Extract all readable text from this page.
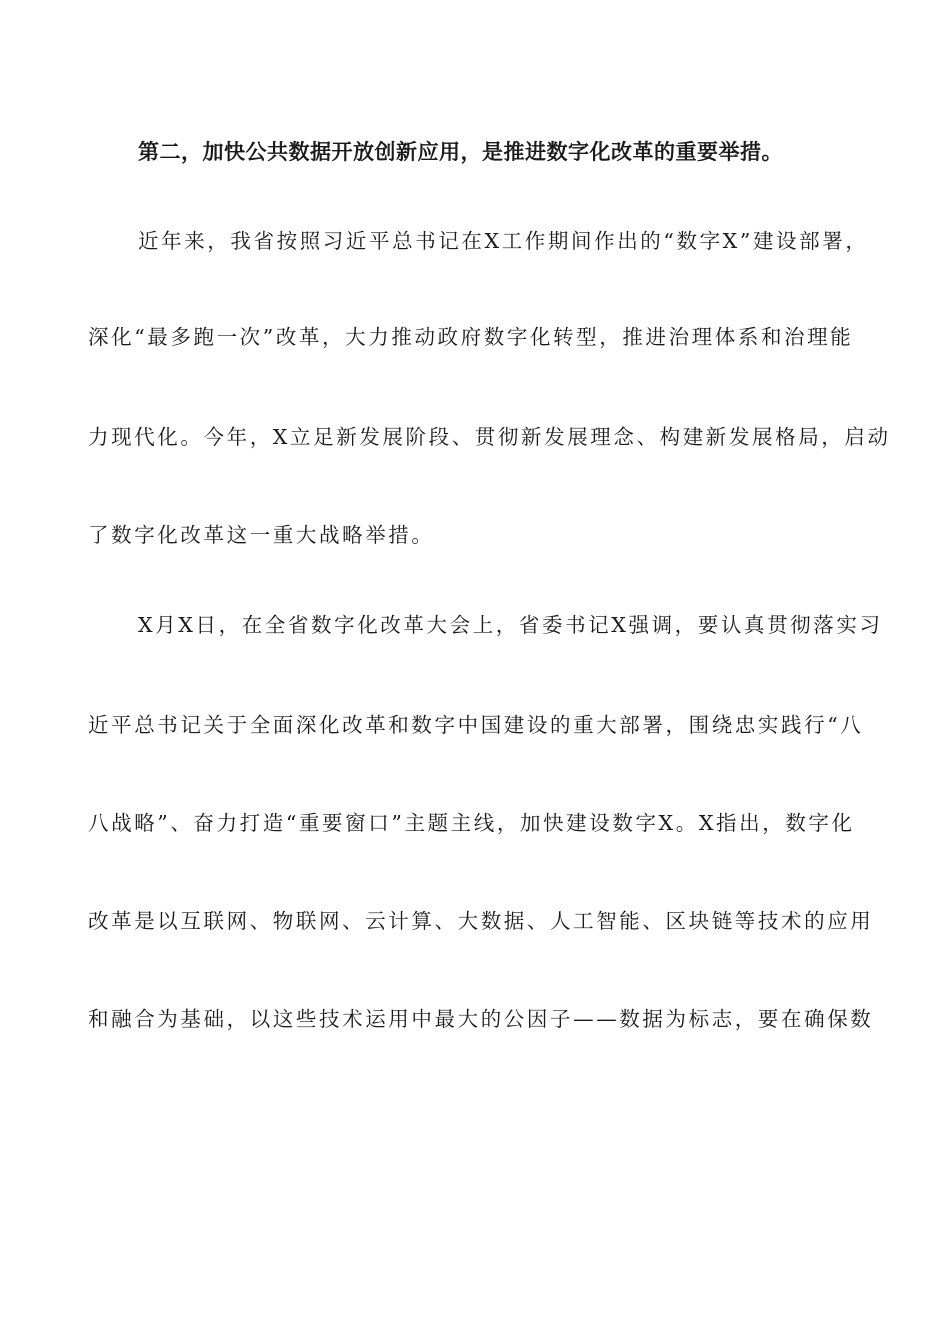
第二，加快公共数据开放创新应用，是推进数字化改革的重要举措。
近年来，我省按照习近平总书记在X工作期间作出的“数字X”建设部署，
深化“最多跑一次”改革，大力推动政府数字化转型，推进治理体系和治理能
力现代化。今年，X立足新发展阶段、贯彻新发展理念、构建新发展格局，启动
了数字化改革这一重大战略举措。
X月X日，在全省数字化改革大会上，省委书记X强调，要认真贯彻落实习
近平总书记关于全面深化改革和数字中国建设的重大部署，围绕忠实践行“八
八战略”、奋力打造“重要窗口”主题主线，加快建设数字X。X指出，数字化
改革是以互联网、物联网、云计算、大数据、人工智能、区块链等技术的应用
和融合为基础，以这些技术运用中最大的公因子——数据为标志，要在确保数
